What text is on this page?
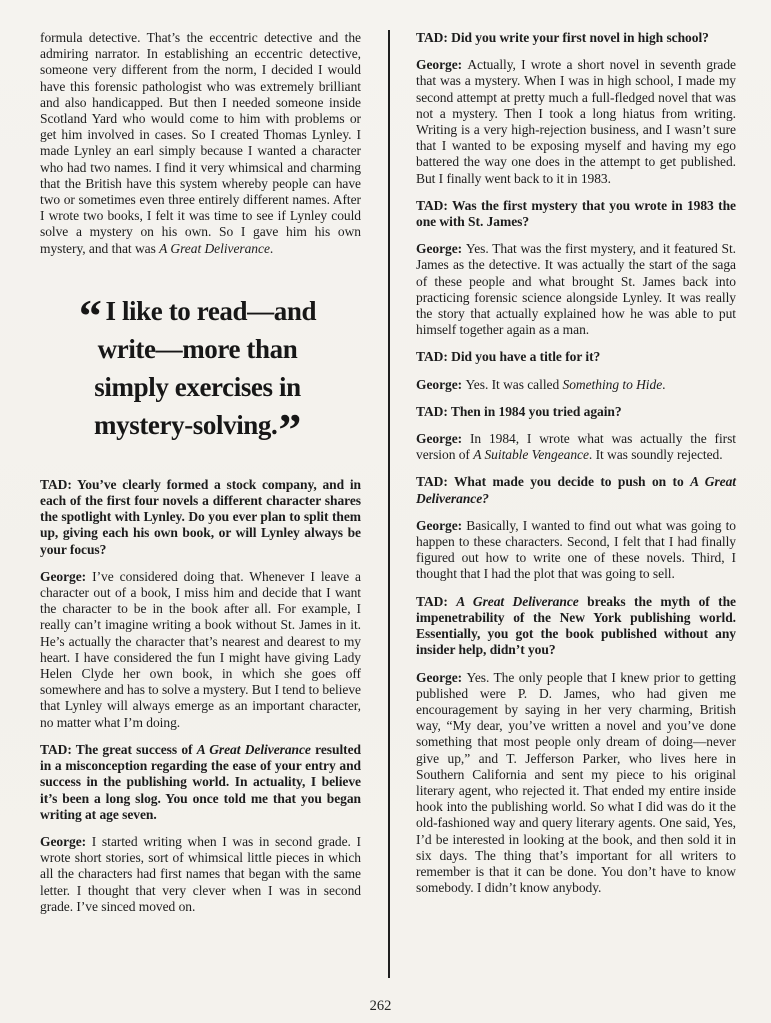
formula detective. That’s the eccentric detective and the admiring narrator. In establishing an eccentric detective, someone very different from the norm, I decided I would have this forensic pathologist who was extremely brilliant and also handicapped. But then I needed someone inside Scotland Yard who would come to him with problems or get him involved in cases. So I created Thomas Lynley. I made Lynley an earl simply because I wanted a character who had two names. I find it very whimsical and charming that the British have this system whereby people can have two or sometimes even three entirely different names. After I wrote two books, I felt it was time to see if Lynley could solve a mystery on his own. So I gave him his own mystery, and that was A Great Deliverance.

“ I like to read—and
write—more than
simply exercises in
mystery-solving.”

TAD: You’ve clearly formed a stock company, and in each of the first four novels a different character shares the spotlight with Lynley. Do you ever plan to split them up, giving each his own book, or will Lynley always be your focus?

George: I’ve considered doing that. Whenever I leave a character out of a book, I miss him and decide that I want the character to be in the book after all. For example, I really can’t imagine writing a book without St. James in it. He’s actually the character that’s nearest and dearest to my heart. I have considered the fun I might have giving Lady Helen Clyde her own book, in which she goes off somewhere and has to solve a mystery. But I tend to believe that Lynley will always emerge as an important character, no matter what I’m doing.

TAD: The great success of A Great Deliverance resulted in a misconception regarding the ease of your entry and success in the publishing world. In actuality, I believe it’s been a long slog. You once told me that you began writing at age seven.

George: I started writing when I was in second grade. I wrote short stories, sort of whimsical little pieces in which all the characters had first names that began with the same letter. I thought that very clever when I was in second grade. I’ve sinced moved on.

TAD: Did you write your first novel in high school?

George: Actually, I wrote a short novel in seventh grade that was a mystery. When I was in high school, I made my second attempt at pretty much a full-fledged novel that was not a mystery. Then I took a long hiatus from writing. Writing is a very high-rejection business, and I wasn’t sure that I wanted to be exposing myself and having my ego battered the way one does in the attempt to get published. But I finally went back to it in 1983.

TAD: Was the first mystery that you wrote in 1983 the one with St. James?

George: Yes. That was the first mystery, and it featured St. James as the detective. It was actually the start of the saga of these people and what brought St. James back into practicing forensic science alongside Lynley. It was really the story that actually explained how he was able to put himself together again as a man.

TAD: Did you have a title for it?

George: Yes. It was called Something to Hide.

TAD: Then in 1984 you tried again?

George: In 1984, I wrote what was actually the first version of A Suitable Vengeance. It was soundly rejected.

TAD: What made you decide to push on to A Great Deliverance?

George: Basically, I wanted to find out what was going to happen to these characters. Second, I felt that I had finally figured out how to write one of these novels. Third, I thought that I had the plot that was going to sell.

TAD: A Great Deliverance breaks the myth of the impenetrability of the New York publishing world. Essentially, you got the book published without any insider help, didn’t you?

George: Yes. The only people that I knew prior to getting published were P. D. James, who had given me encouragement by saying in her very charming, British way, “My dear, you’ve written a novel and you’ve done something that most people only dream of doing—never give up,” and T. Jefferson Parker, who lives here in Southern California and sent my piece to his original literary agent, who rejected it. That ended my entire inside hook into the publishing world. So what I did was do it the old-fashioned way and query literary agents. One said, Yes, I’d be interested in looking at the book, and then sold it in six days. The thing that’s important for all writers to remember is that it can be done. You don’t have to know somebody. I didn’t know anybody.

262
